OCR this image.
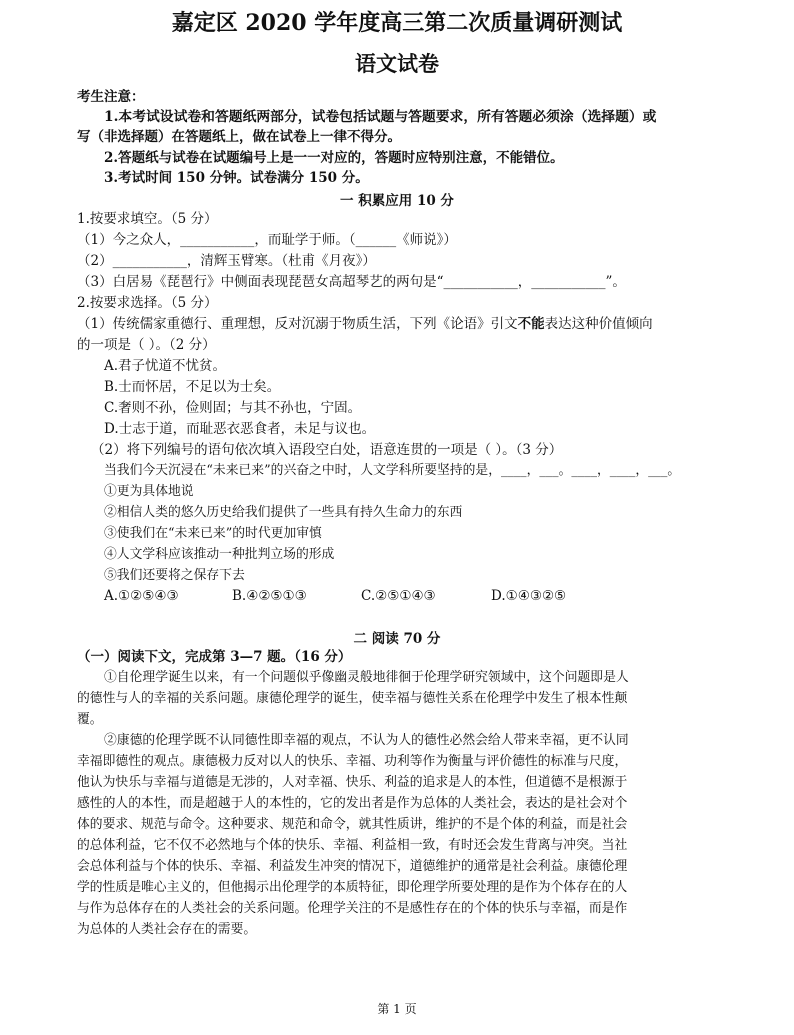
嘉定区 2020 学年度高三第二次质量调研测试
语文试卷
考生注意：
1.本考试设试卷和答题纸两部分，试卷包括试题与答题要求，所有答题必须涂（选择题）或
写（非选择题）在答题纸上，做在试卷上一律不得分。
2.答题纸与试卷在试题编号上是一一对应的，答题时应特别注意，不能错位。
3.考试时间 150 分钟。试卷满分 150 分。
一 积累应用 10 分
1.按要求填空。（5 分）
（1）今之众人，___________，而耻学于师。（______《师说》）
（2）___________，清辉玉臂寒。（杜甫《月夜》）
（3）白居易《琵琶行》中侧面表现琵琶女高超琴艺的两句是“___________，___________”。
2.按要求选择。（5 分）
（1）传统儒家重德行、重理想，反对沉溺于物质生活，下列《论语》引文不能表达这种价值倾向
的一项是（ ）。（2 分）
A.君子忧道不忧贫。
B.士而怀居，不足以为士矣。
C.奢则不孙，俭则固；与其不孙也，宁固。
D.士志于道，而耻恶衣恶食者，未足与议也。
（2）将下列编号的语句依次填入语段空白处，语意连贯的一项是（ ）。（3 分）
当我们今天沉浸在“未来已来”的兴奋之中时，人文学科所要坚持的是，____，___。____，____，___。
①更为具体地说
②相信人类的悠久历史给我们提供了一些具有持久生命力的东西
③使我们在“未来已来”的时代更加审慎
④人文学科应该推动一种批判立场的形成
⑤我们还要将之保存下去
A.①②⑤④③	B.④②⑤①③	C.②⑤①④③	D.①④③②⑤
二 阅读 70 分
（一）阅读下文，完成第 3—7 题。（16 分）
①自伦理学诞生以来，有一个问题似乎像幽灵般地徘徊于伦理学研究领域中，这个问题即是人
的德性与人的幸福的关系问题。康德伦理学的诞生，使幸福与德性关系在伦理学中发生了根本性颠
覆。
②康德的伦理学既不认同德性即幸福的观点，不认为人的德性必然会给人带来幸福，更不认同
幸福即德性的观点。康德极力反对以人的快乐、幸福、功利等作为衡量与评价德性的标准与尺度，
他认为快乐与幸福与道德是无涉的，人对幸福、快乐、利益的追求是人的本性，但道德不是根源于
感性的人的本性，而是超越于人的本性的，它的发出者是作为总体的人类社会，表达的是社会对个
体的要求、规范与命令。这种要求、规范和命令，就其性质讲，维护的不是个体的利益，而是社会
的总体利益，它不仅不必然地与个体的快乐、幸福、利益相一致，有时还会发生背离与冲突。当社
会总体利益与个体的快乐、幸福、利益发生冲突的情况下，道德维护的通常是社会利益。康德伦理
学的性质是唯心主义的，但他揭示出伦理学的本质特征，即伦理学所要处理的是作为个体存在的人
与作为总体存在的人类社会的关系问题。伦理学关注的不是感性存在的个体的快乐与幸福，而是作
为总体的人类社会存在的需要。
第 1 页
